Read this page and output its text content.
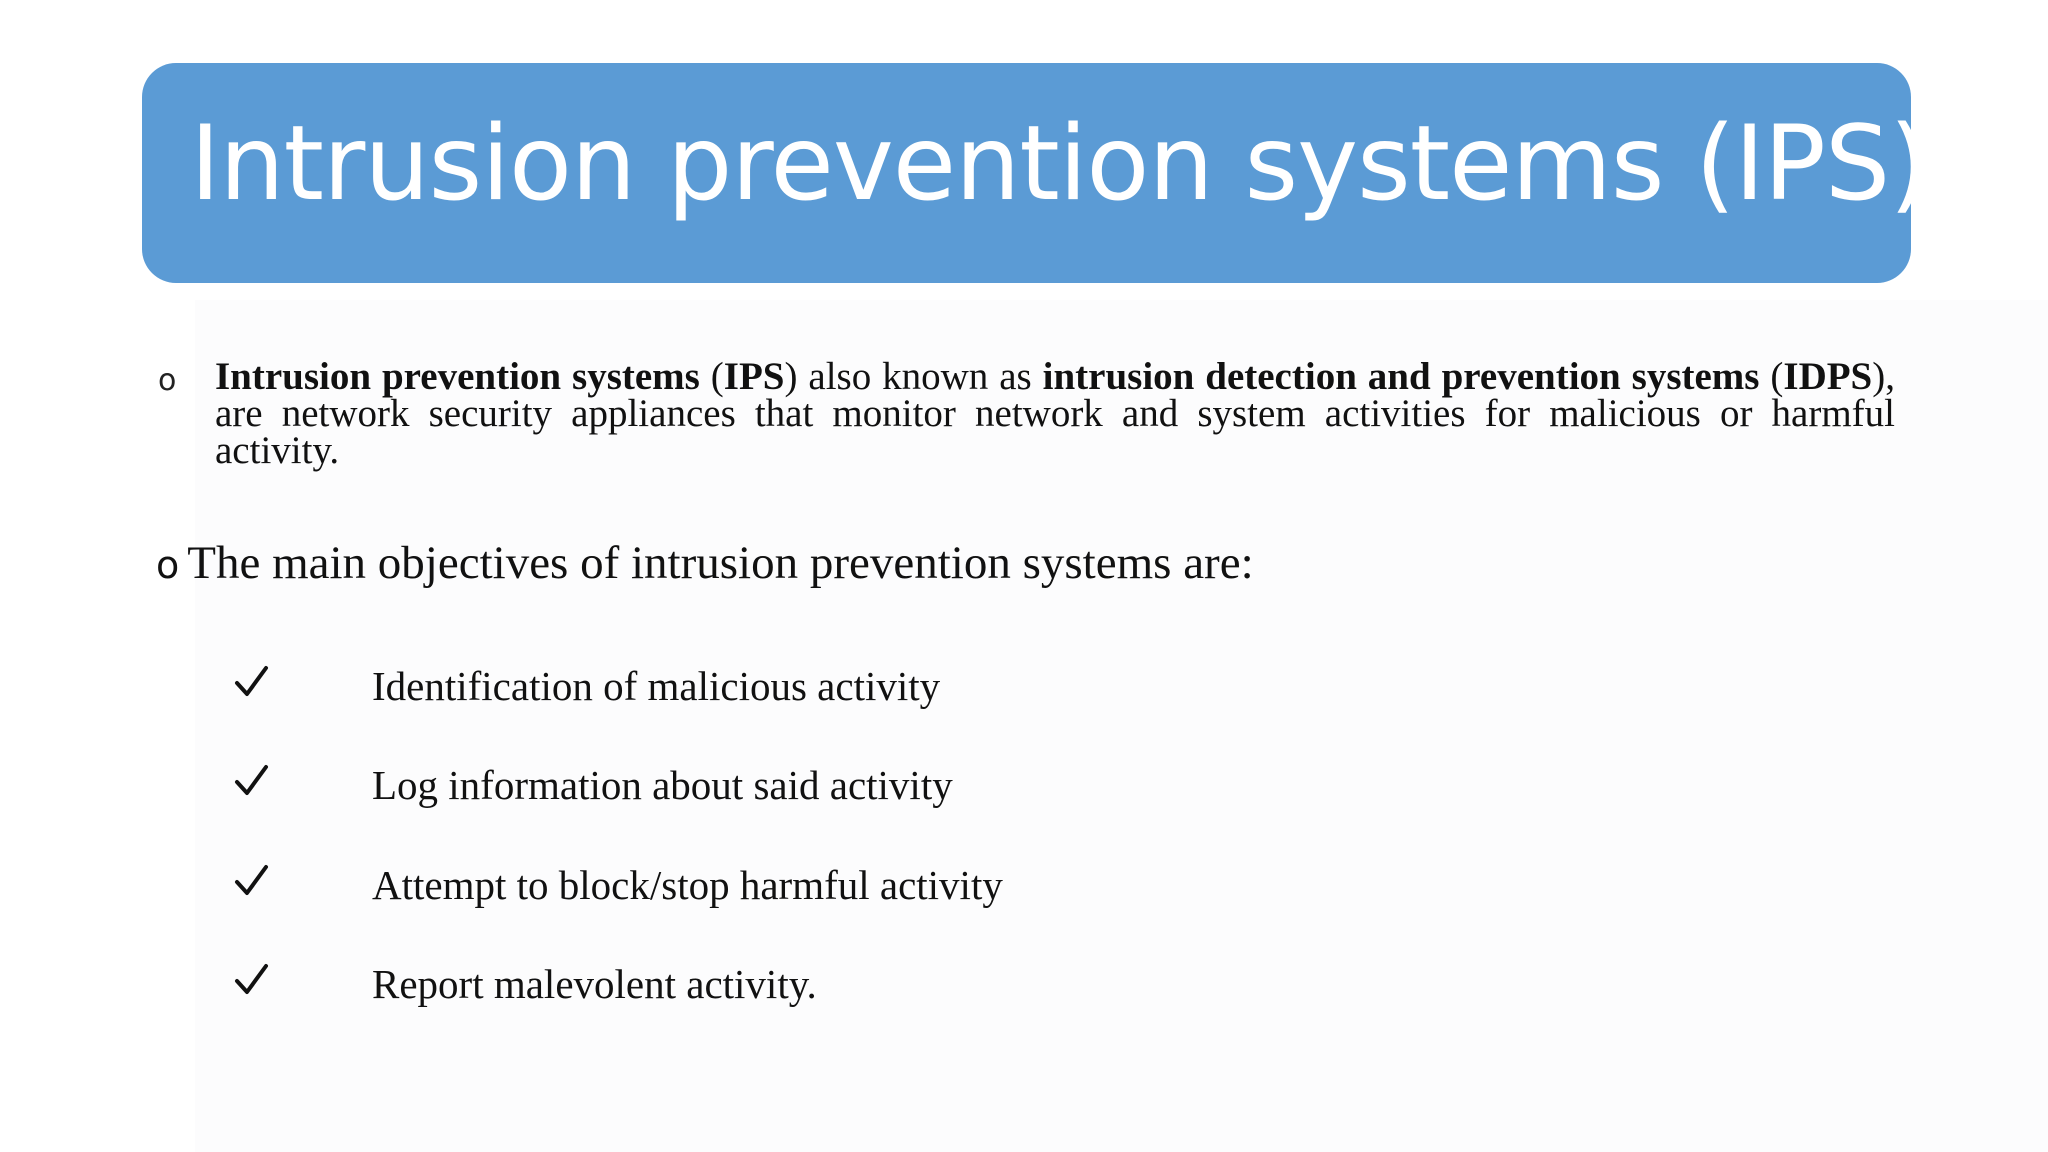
Intrusion prevention systems (IPS)
o Intrusion prevention systems (IPS) also known as intrusion detection and prevention systems (IDPS), are network security appliances that monitor network and system activities for malicious or harmful activity.
o The main objectives of intrusion prevention systems are:
Identification of malicious activity
Log information about said activity
Attempt to block/stop harmful activity
Report malevolent activity.
